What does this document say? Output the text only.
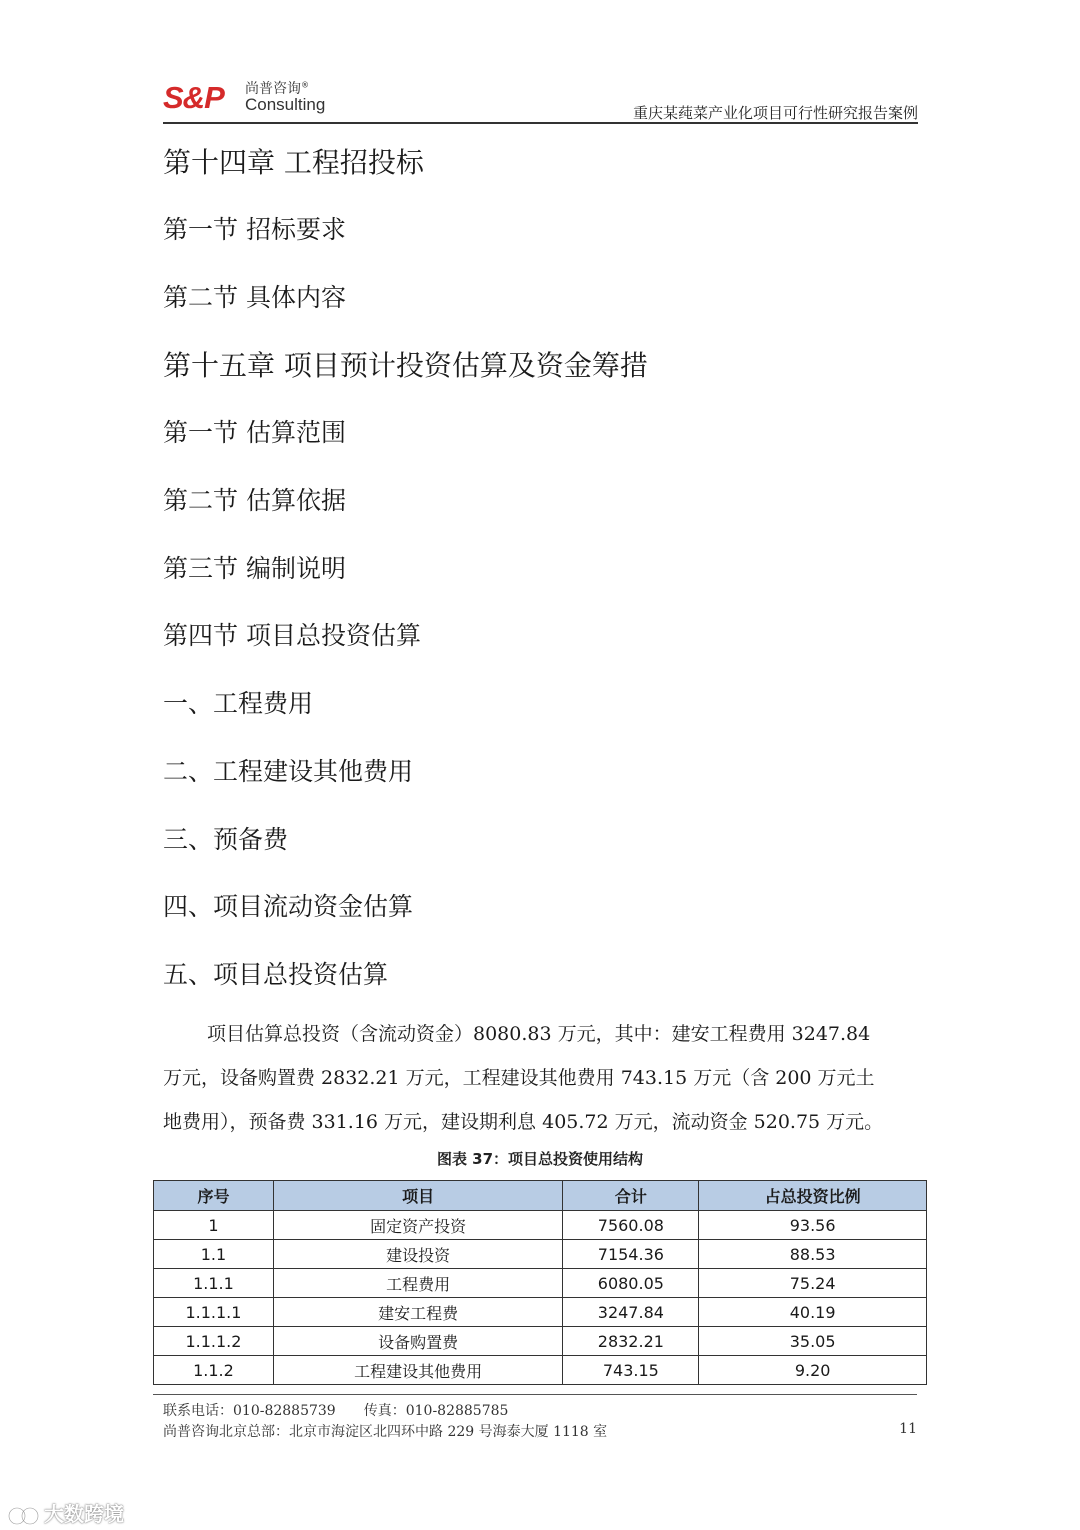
S&P 尚普咨询®
Consulting	重庆某莼菜产业化项目可行性研究报告案例
第十四章 工程招投标
第一节 招标要求
第二节 具体内容
第十五章 项目预计投资估算及资金筹措
第一节 估算范围
第二节 估算依据
第三节 编制说明
第四节 项目总投资估算
一、工程费用
二、工程建设其他费用
三、预备费
四、项目流动资金估算
五、项目总投资估算
项目估算总投资（含流动资金）8080.83 万元，其中：建安工程费用 3247.84
万元，设备购置费 2832.21 万元，工程建设其他费用 743.15 万元（含 200 万元土
地费用），预备费 331.16 万元，建设期利息 405.72 万元，流动资金 520.75 万元。
图表 37：项目总投资使用结构
序号	项目	合计	占总投资比例
1	固定资产投资	7560.08	93.56
1.1	建设投资	7154.36	88.53
1.1.1	工程费用	6080.05	75.24
1.1.1.1	建安工程费	3247.84	40.19
1.1.1.2	设备购置费	2832.21	35.05
1.1.2	工程建设其他费用	743.15	9.20
联系电话：010-82885739 传真：010-82885785
尚普咨询北京总部：北京市海淀区北四环中路 229 号海泰大厦 1118 室	11
大数跨境
